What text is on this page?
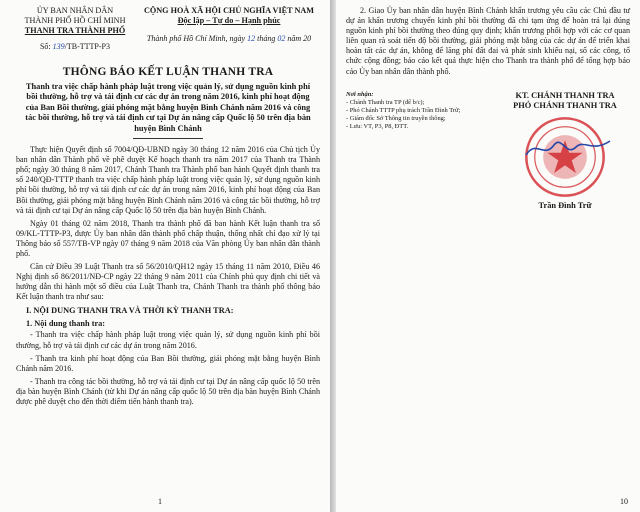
ỦY BAN NHÂN DÂN
THÀNH PHỐ HỒ CHÍ MINH
THANH TRA THÀNH PHỐ
Số: 139/TB-TTTP-P3
CỘNG HOÀ XÃ HỘI CHỦ NGHĨA VIỆT NAM
Độc lập – Tự do – Hạnh phúc
Thành phố Hồ Chí Minh, ngày 12 tháng 02 năm 20
THÔNG BÁO KẾT LUẬN THANH TRA
Thanh tra việc chấp hành pháp luật trong việc quản lý, sử dụng nguồn kinh phí bồi thường, hỗ trợ và tái định cư các dự án trong năm 2016, kinh phí hoạt động của Ban Bồi thường, giải phóng mặt bằng huyện Bình Chánh năm 2016 và công tác bồi thường, hỗ trợ và tái định cư tại Dự án nâng cấp Quốc lộ 50 trên địa bàn huyện Bình Chánh

Thực hiện Quyết định số 7004/QĐ-UBND ngày 30 tháng 12 năm 2016 của Chủ tịch Ủy ban nhân dân Thành phố về phê duyệt Kế hoạch thanh tra năm 2017 của Thanh tra Thành phố; ngày 30 tháng 8 năm 2017, Chánh Thanh tra Thành phố ban hành Quyết định thanh tra số 240/QĐ-TTTP thanh tra việc chấp hành pháp luật trong việc quản lý, sử dụng nguồn kinh phí bồi thường, hỗ trợ và tái định cư các dự án trong năm 2016, kinh phí hoạt động của Ban Bồi thường, giải phóng mặt bằng huyện Bình Chánh năm 2016 và công tác bồi thường, hỗ trợ và tái định cư tại Dự án nâng cấp Quốc lộ 50 trên địa bàn huyện Bình Chánh.

Ngày 01 tháng 02 năm 2018, Thanh tra thành phố đã ban hành Kết luận thanh tra số 09/KL-TTTP-P3, được Ủy ban nhân dân thành phố chấp thuận, thống nhất chỉ đạo xử lý tại Thông báo số 557/TB-VP ngày 07 tháng 9 năm 2018 của Văn phòng Ủy ban nhân dân thành phố.

Căn cứ Điều 39 Luật Thanh tra số 56/2010/QH12 ngày 15 tháng 11 năm 2010, Điều 46 Nghị định số 86/2011/NĐ-CP ngày 22 tháng 9 năm 2011 của Chính phủ quy định chi tiết và hướng dẫn thi hành một số điều của Luật Thanh tra, Chánh Thanh tra thành phố thông báo Kết luận thanh tra như sau:

I. NỘI DUNG THANH TRA VÀ THỜI KỲ THANH TRA:
1. Nội dung thanh tra:

- Thanh tra việc chấp hành pháp luật trong việc quản lý, sử dụng nguồn kinh phí bồi thường, hỗ trợ và tái định cư các dự án trong năm 2016.

- Thanh tra kinh phí hoạt động của Ban Bồi thường, giải phóng mặt bằng huyện Bình Chánh năm 2016.

- Thanh tra công tác bồi thường, hỗ trợ và tái định cư tại Dự án nâng cấp quốc lộ 50 trên địa bàn huyện Bình Chánh (từ khi Dự án nâng cấp quốc lộ 50 trên địa bàn huyện Bình Chánh được phê duyệt cho đến thời điểm tiến hành thanh tra).

1

2. Giao Ủy ban nhân dân huyện Bình Chánh khẩn trương yêu cầu các Chủ đầu tư dự án khẩn trương chuyển kinh phí bồi thường đã chi tạm ứng để hoàn trả lại đúng nguồn kinh phí bồi thường theo đúng quy định; khẩn trương phối hợp với các cơ quan liên quan rà soát tiến độ bồi thường, giải phóng mặt bằng của các dự án để triển khai hoàn tất các dự án, không để lãng phí đất đai và phát sinh khiếu nại, số các công, tổ chức cộng đồng; báo cáo kết quả thực hiện cho Thanh tra thành phố để tổng hợp báo cáo Ủy ban nhân dân thành phố.

Nơi nhận:
- Chánh Thanh tra TP (để b/c);
- Phó Chánh TTTP phụ trách Trần Đình Trữ;
- Giám đốc Sở Thông tin truyền thông;
- Lưu: VT, P3, P8, ĐTT.
KT. CHÁNH THANH TRA
PHÓ CHÁNH THANH TRA
Trần Đình Trữ
10
